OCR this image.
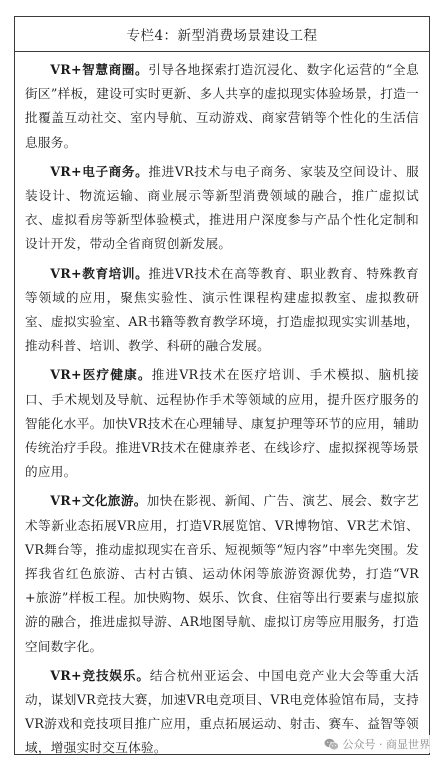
专栏4：新型消费场景建设工程

VR+智慧商圈。引导各地探索打造沉浸化、数字化运营的“全息街区”样板，建设可实时更新、多人共享的虚拟现实体验场景，打造一批覆盖互动社交、室内导航、互动游戏、商家营销等个性化的生活信息服务。

VR+电子商务。推进VR技术与电子商务、家装及空间设计、服装设计、物流运输、商业展示等新型消费领域的融合，推广虚拟试衣、虚拟看房等新型体验模式，推进用户深度参与产品个性化定制和设计开发，带动全省商贸创新发展。

VR+教育培训。推进VR技术在高等教育、职业教育、特殊教育等领域的应用，聚焦实验性、演示性课程构建虚拟教室、虚拟教研室、虚拟实验室、AR书籍等教育教学环境，打造虚拟现实实训基地，推动科普、培训、教学、科研的融合发展。

VR+医疗健康。推进VR技术在医疗培训、手术模拟、脑机接口、手术规划及导航、远程协作手术等领域的应用，提升医疗服务的智能化水平。加快VR技术在心理辅导、康复护理等环节的应用，辅助传统治疗手段。推进VR技术在健康养老、在线诊疗、虚拟探视等场景的应用。

VR+文化旅游。加快在影视、新闻、广告、演艺、展会、数字艺术等新业态拓展VR应用，打造VR展览馆、VR博物馆、VR艺术馆、VR舞台等，推动虚拟现实在音乐、短视频等“短内容”中率先突围。发挥我省红色旅游、古村古镇、运动休闲等旅游资源优势，打造“VR+旅游”样板工程。加快购物、娱乐、饮食、住宿等出行要素与虚拟旅游的融合，推进虚拟导游、AR地图导航、虚拟订房等应用服务，打造空间数字化。

VR+竞技娱乐。结合杭州亚运会、中国电竞产业大会等重大活动，谋划VR竞技大赛，加速VR电竞项目、VR电竞体验馆布局，支持VR游戏和竞技项目推广应用，重点拓展运动、射击、赛车、益智等领域，增强实时交互体验。	公众号 · 商显世界
